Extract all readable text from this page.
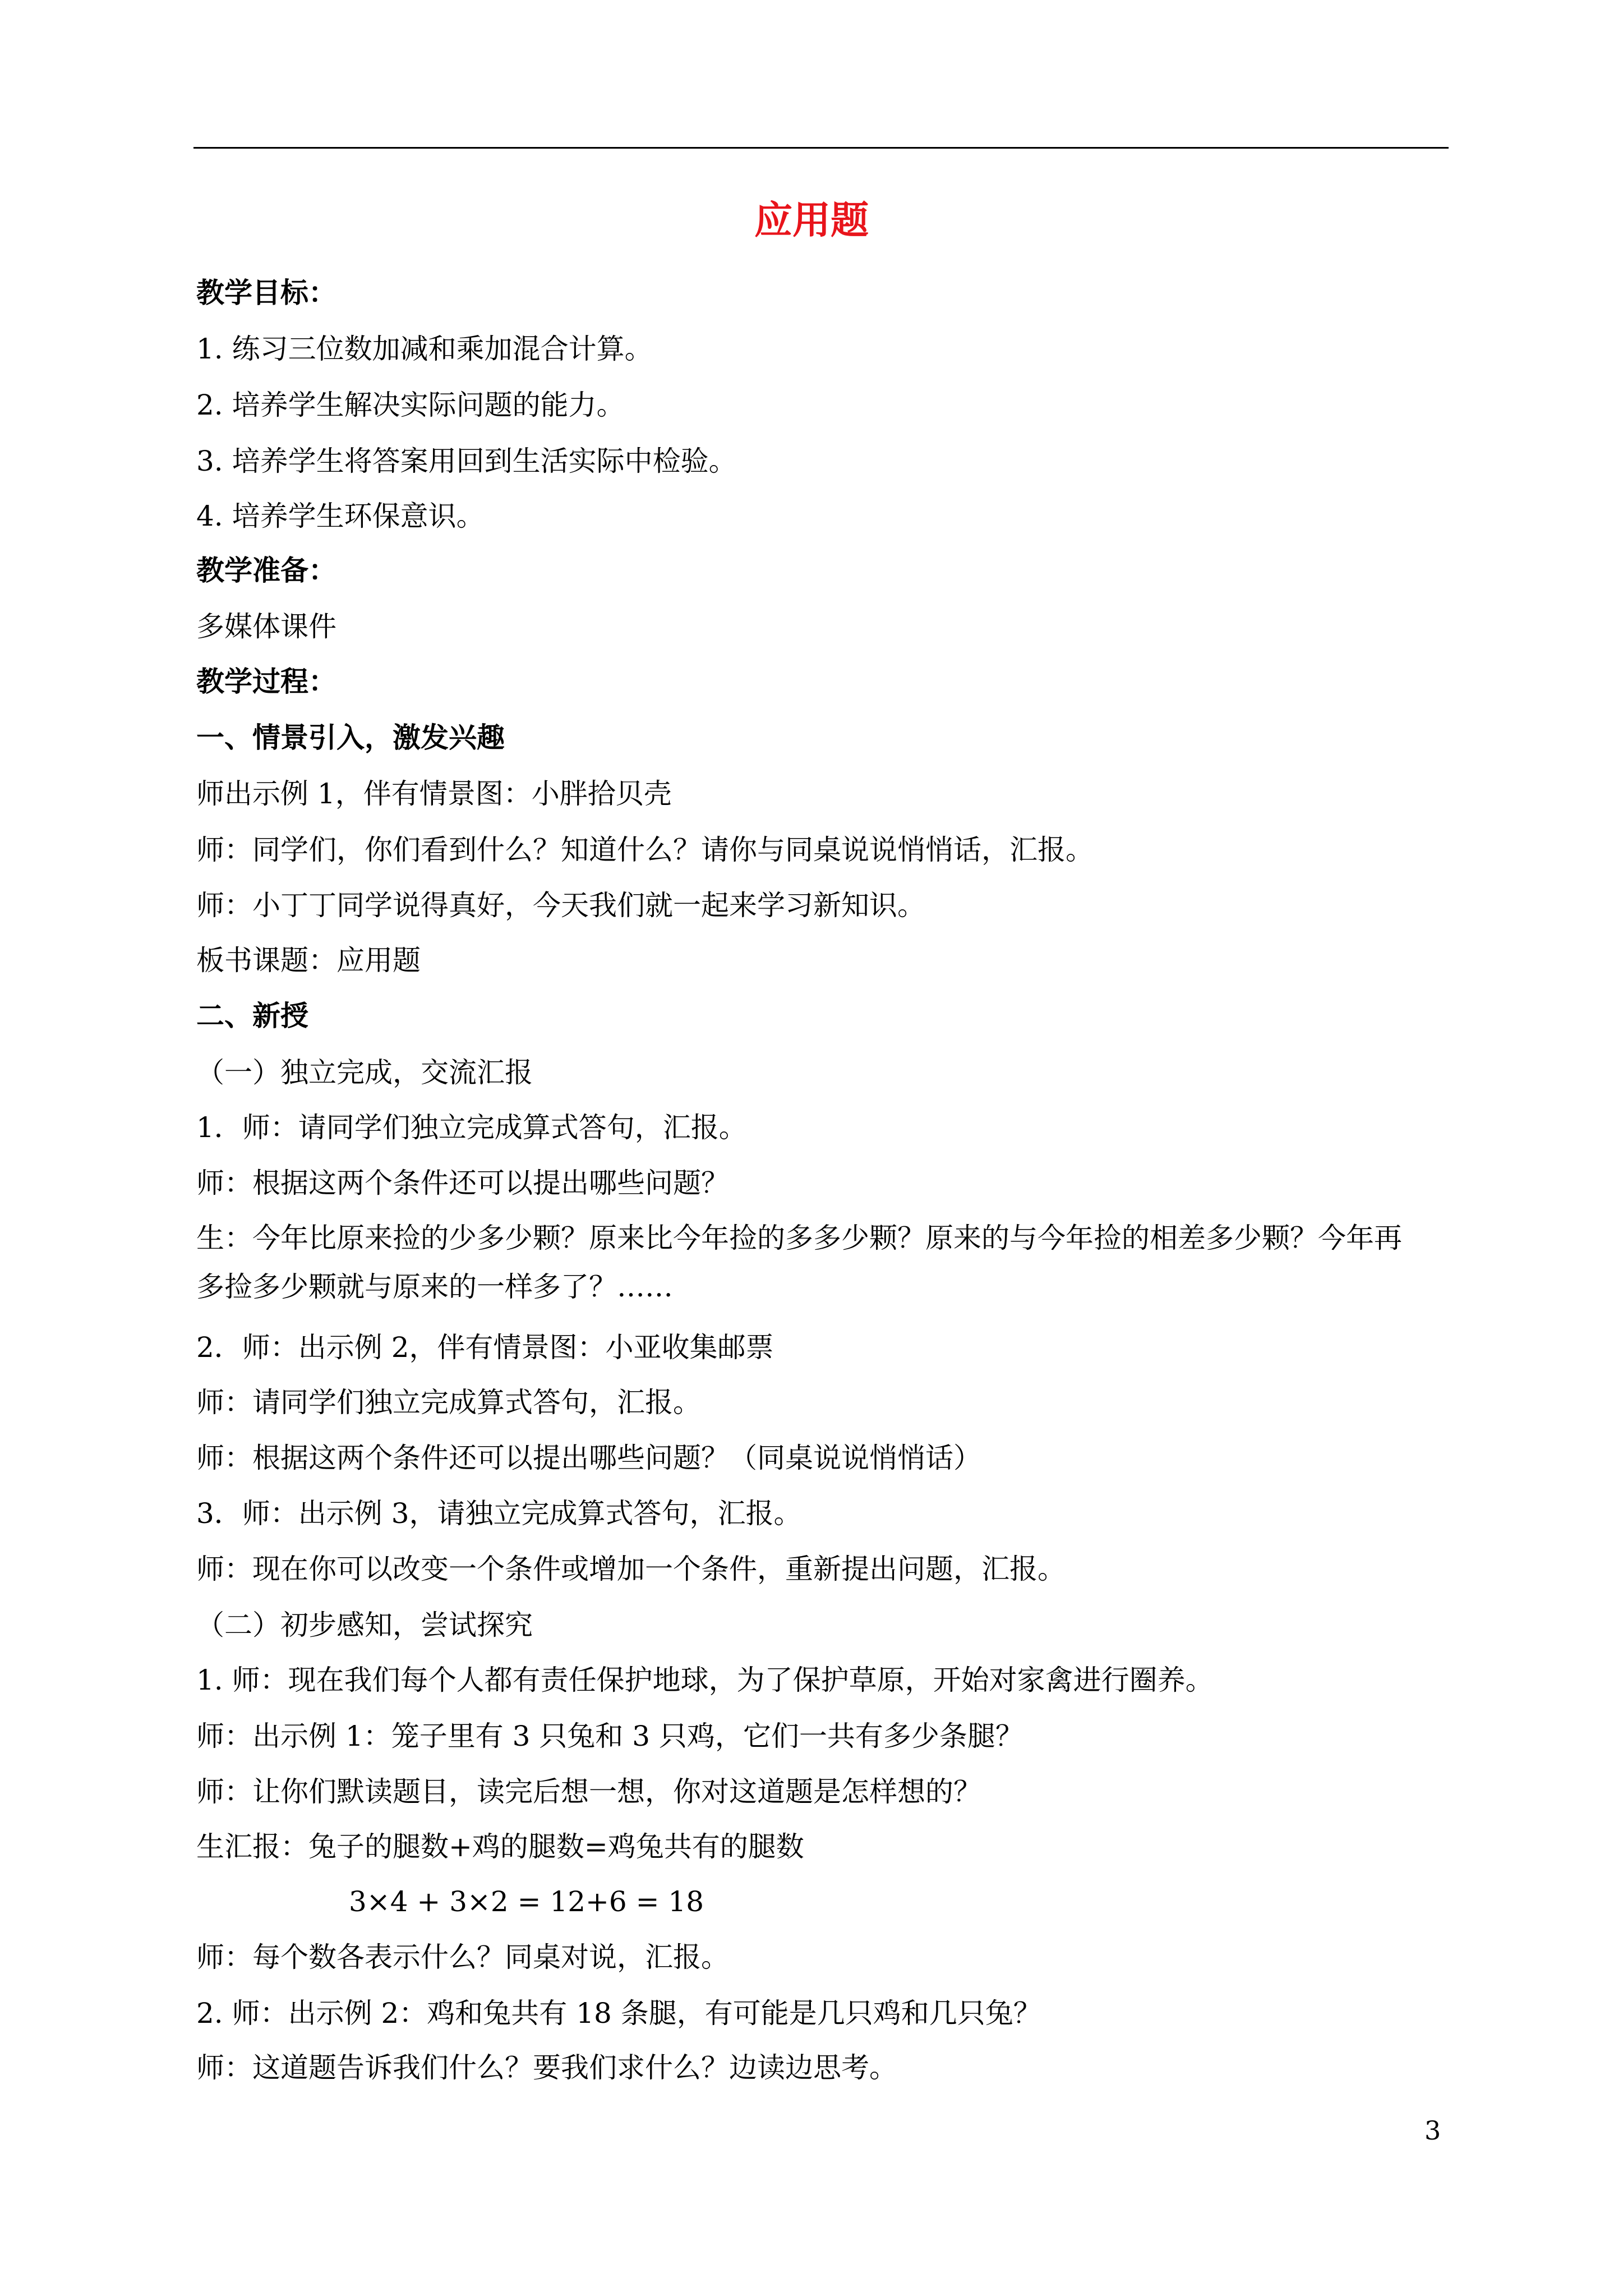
应用题
教学目标：
1. 练习三位数加减和乘加混合计算。
2. 培养学生解决实际问题的能力。
3. 培养学生将答案用回到生活实际中检验。
4. 培养学生环保意识。
教学准备：
多媒体课件
教学过程：
一、情景引入，激发兴趣
师出示例 1，伴有情景图：小胖拾贝壳
师：同学们，你们看到什么？知道什么？请你与同桌说说悄悄话，汇报。
师：小丁丁同学说得真好，今天我们就一起来学习新知识。
板书课题：应用题
二、新授
（一）独立完成，交流汇报
1．师：请同学们独立完成算式答句，汇报。
师：根据这两个条件还可以提出哪些问题？
生：今年比原来捡的少多少颗？原来比今年捡的多多少颗？原来的与今年捡的相差多少颗？今年再
多捡多少颗就与原来的一样多了？……
2．师：出示例 2，伴有情景图：小亚收集邮票
师：请同学们独立完成算式答句，汇报。
师：根据这两个条件还可以提出哪些问题？（同桌说说悄悄话）
3．师：出示例 3，请独立完成算式答句，汇报。
师：现在你可以改变一个条件或增加一个条件，重新提出问题，汇报。
（二）初步感知，尝试探究
1. 师：现在我们每个人都有责任保护地球，为了保护草原，开始对家禽进行圈养。
师：出示例 1：笼子里有 3 只兔和 3 只鸡，它们一共有多少条腿？
师：让你们默读题目，读完后想一想，你对这道题是怎样想的？
生汇报：兔子的腿数+鸡的腿数=鸡兔共有的腿数
3×4 + 3×2 = 12+6 = 18
师：每个数各表示什么？同桌对说，汇报。
2. 师：出示例 2：鸡和兔共有 18 条腿，有可能是几只鸡和几只兔？
师：这道题告诉我们什么？要我们求什么？边读边思考。
3
